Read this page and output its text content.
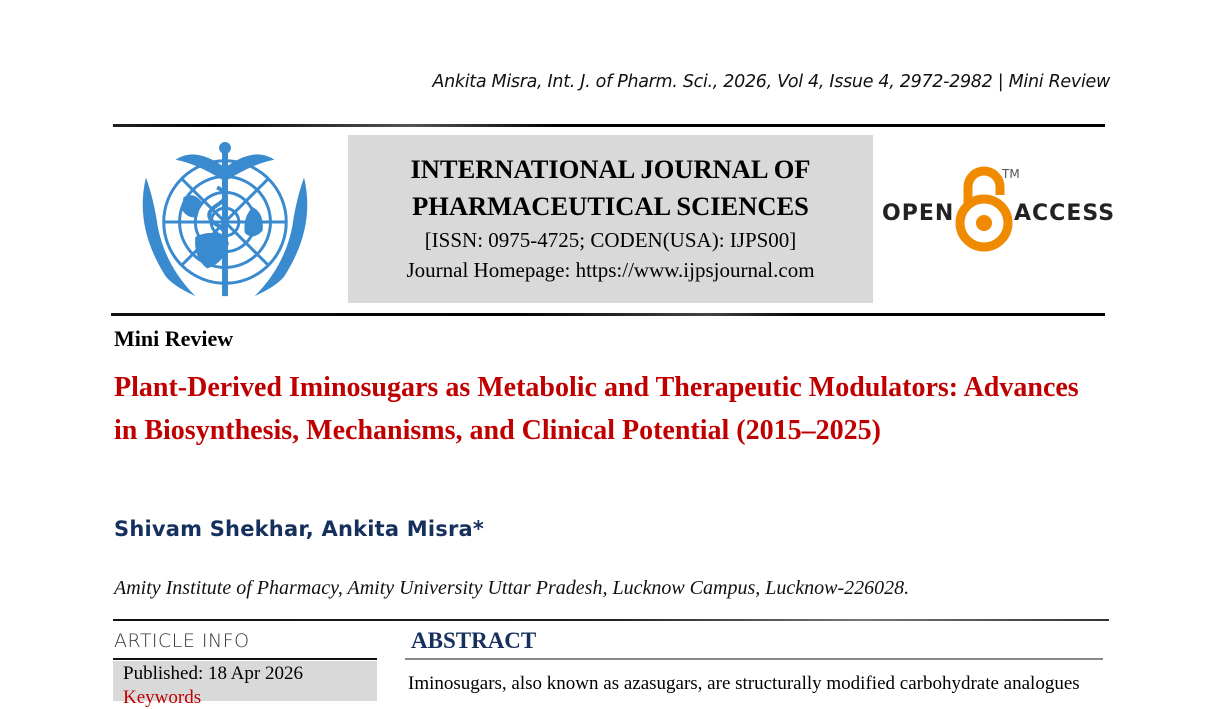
Ankita Misra, Int. J. of Pharm. Sci., 2026, Vol 4, Issue 4, 2972-2982 | Mini Review
INTERNATIONAL JOURNAL OF
PHARMACEUTICAL SCIENCES
[ISSN: 0975-4725; CODEN(USA): IJPS00]
Journal Homepage: https://www.ijpsjournal.com
OPEN
TM
ACCESS
Mini Review
Plant-Derived Iminosugars as Metabolic and Therapeutic Modulators: Advances in Biosynthesis, Mechanisms, and Clinical Potential (2015–2025)
Shivam Shekhar, Ankita Misra*
Amity Institute of Pharmacy, Amity University Uttar Pradesh, Lucknow Campus, Lucknow-226028.
ARTICLE INFO
Published: 18 Apr 2026
Keywords
ABSTRACT
Iminosugars, also known as azasugars, are structurally modified carbohydrate analogues
